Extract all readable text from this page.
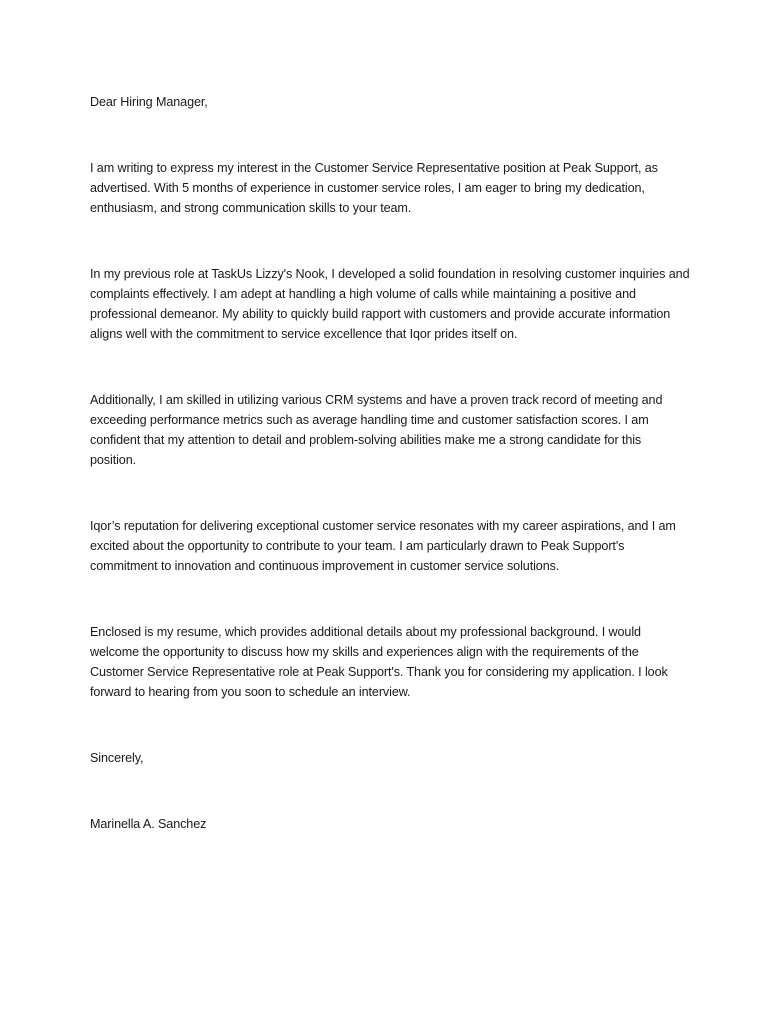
Dear Hiring Manager,

I am writing to express my interest in the Customer Service Representative position at Peak Support, as advertised. With 5 months of experience in customer service roles, I am eager to bring my dedication, enthusiasm, and strong communication skills to your team.

In my previous role at TaskUs Lizzy's Nook, I developed a solid foundation in resolving customer inquiries and complaints effectively. I am adept at handling a high volume of calls while maintaining a positive and professional demeanor. My ability to quickly build rapport with customers and provide accurate information aligns well with the commitment to service excellence that Iqor prides itself on.

Additionally, I am skilled in utilizing various CRM systems and have a proven track record of meeting and exceeding performance metrics such as average handling time and customer satisfaction scores. I am confident that my attention to detail and problem-solving abilities make me a strong candidate for this position.

Iqor’s reputation for delivering exceptional customer service resonates with my career aspirations, and I am excited about the opportunity to contribute to your team. I am particularly drawn to Peak Support's commitment to innovation and continuous improvement in customer service solutions.

Enclosed is my resume, which provides additional details about my professional background. I would welcome the opportunity to discuss how my skills and experiences align with the requirements of the Customer Service Representative role at Peak Support's. Thank you for considering my application. I look forward to hearing from you soon to schedule an interview.

Sincerely,

Marinella A. Sanchez
